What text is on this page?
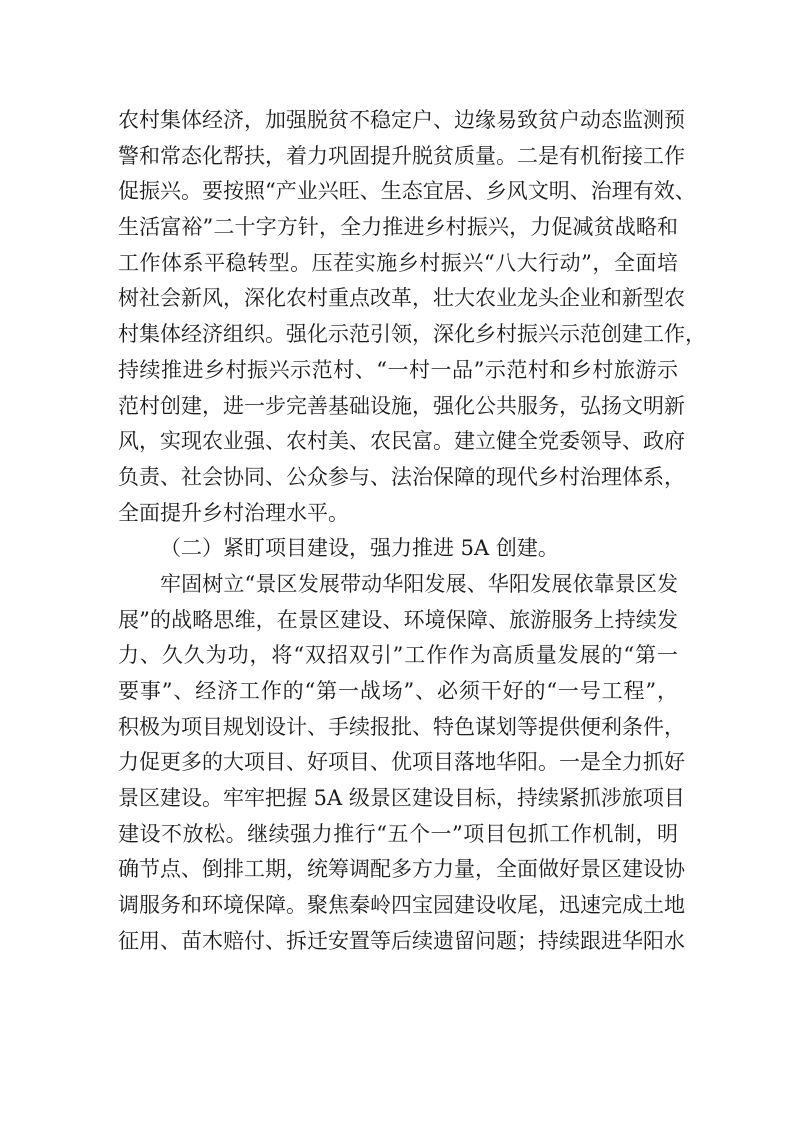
农村集体经济，加强脱贫不稳定户、边缘易致贫户动态监测预
警和常态化帮扶，着力巩固提升脱贫质量。二是有机衔接工作
促振兴。要按照“产业兴旺、生态宜居、乡风文明、治理有效、
生活富裕”二十字方针，全力推进乡村振兴，力促减贫战略和
工作体系平稳转型。压茬实施乡村振兴“八大行动”，全面培
树社会新风，深化农村重点改革，壮大农业龙头企业和新型农
村集体经济组织。强化示范引领，深化乡村振兴示范创建工作，
持续推进乡村振兴示范村、“一村一品”示范村和乡村旅游示
范村创建，进一步完善基础设施，强化公共服务，弘扬文明新
风，实现农业强、农村美、农民富。建立健全党委领导、政府
负责、社会协同、公众参与、法治保障的现代乡村治理体系，
全面提升乡村治理水平。
（二）紧盯项目建设，强力推进 5A 创建。
牢固树立“景区发展带动华阳发展、华阳发展依靠景区发
展”的战略思维，在景区建设、环境保障、旅游服务上持续发
力、久久为功，将“双招双引”工作作为高质量发展的“第一
要事”、经济工作的“第一战场”、必须干好的“一号工程”，
积极为项目规划设计、手续报批、特色谋划等提供便利条件，
力促更多的大项目、好项目、优项目落地华阳。一是全力抓好
景区建设。牢牢把握 5A 级景区建设目标，持续紧抓涉旅项目
建设不放松。继续强力推行“五个一”项目包抓工作机制，明
确节点、倒排工期，统筹调配多方力量，全面做好景区建设协
调服务和环境保障。聚焦秦岭四宝园建设收尾，迅速完成土地
征用、苗木赔付、拆迁安置等后续遗留问题；持续跟进华阳水
